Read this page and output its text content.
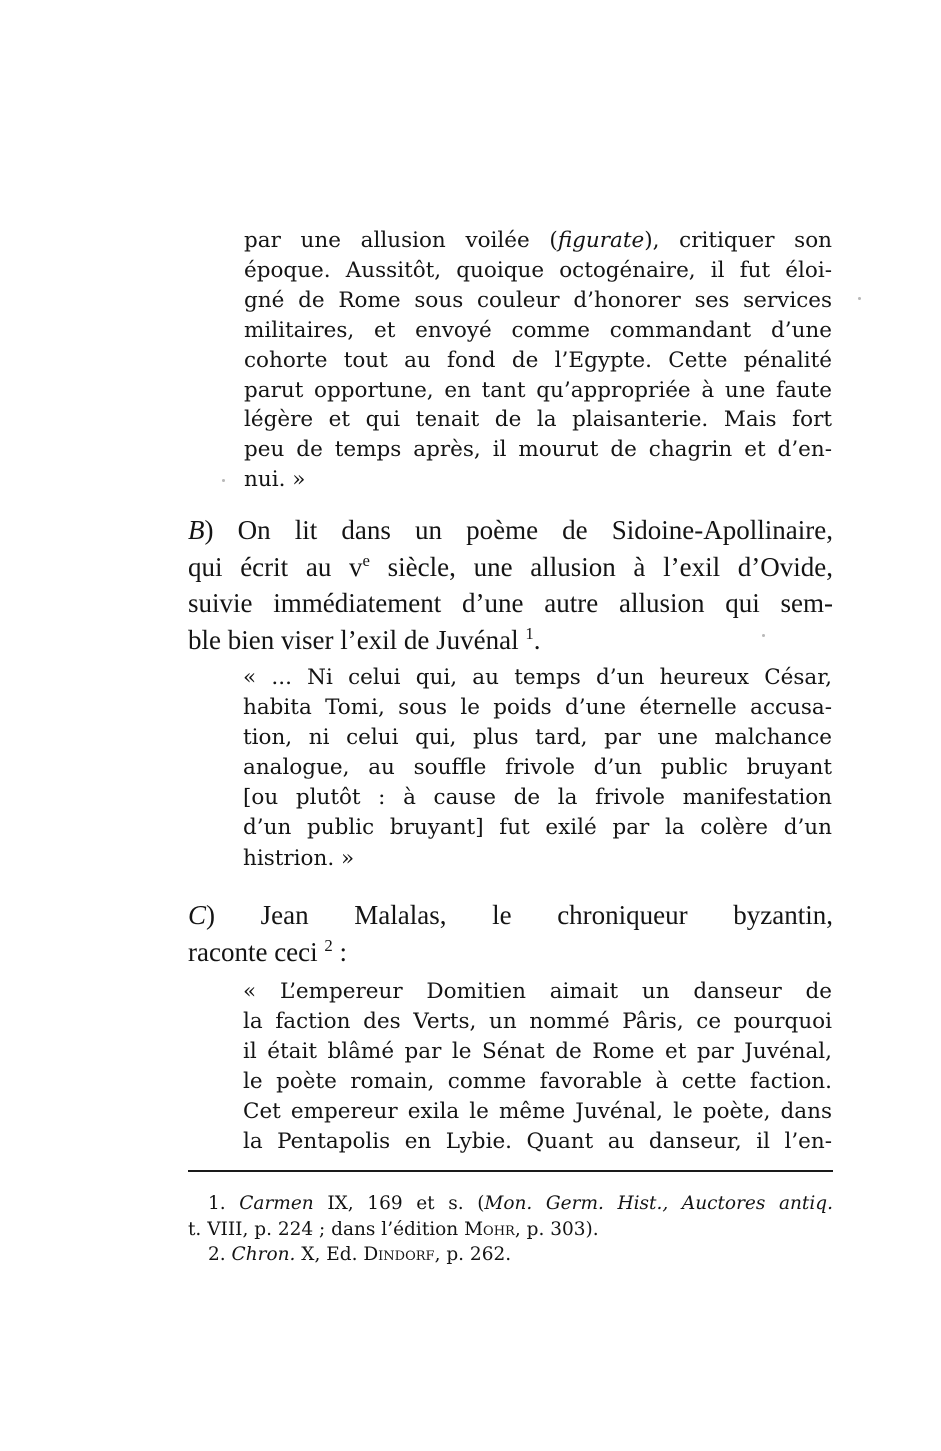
par une allusion voilée (figurate), critiquer son
époque. Aussitôt, quoique octogénaire, il fut éloi-
gné de Rome sous couleur d’honorer ses services
militaires, et envoyé comme commandant d’une
cohorte tout au fond de l’Egypte. Cette pénalité
parut opportune, en tant qu’appropriée à une faute
légère et qui tenait de la plaisanterie. Mais fort
peu de temps après, il mourut de chagrin et d’en-
nui. »
B) On lit dans un poème de Sidoine-Apollinaire,
qui écrit au $v^e$ siècle, une allusion à l’exil d’Ovide,
suivie immédiatement d’une autre allusion qui sem-
ble bien viser l’exil de Juvénal $^1$.
« ... Ni celui qui, au temps d’un heureux César,
habita Tomi, sous le poids d’une éternelle accusa-
tion, ni celui qui, plus tard, par une malchance
analogue, au souffle frivole d’un public bruyant
[ou plutôt : à cause de la frivole manifestation
d’un public bruyant] fut exilé par la colère d’un
histrion. »
C) Jean Malalas, le chroniqueur byzantin,
raconte ceci $^2$ :
« L’empereur Domitien aimait un danseur de
la faction des Verts, un nommé Pâris, ce pourquoi
il était blâmé par le Sénat de Rome et par Juvénal,
le poète romain, comme favorable à cette faction.
Cet empereur exila le même Juvénal, le poète, dans
la Pentapolis en Lybie. Quant au danseur, il l’en-
1. Carmen IX, 169 et s. (Mon. Germ. Hist., Auctores antiq.
t. VIII, p. 224 ; dans l’édition Mohr, p. 303).
2. Chron. X, Ed. Dindorf, p. 262.
